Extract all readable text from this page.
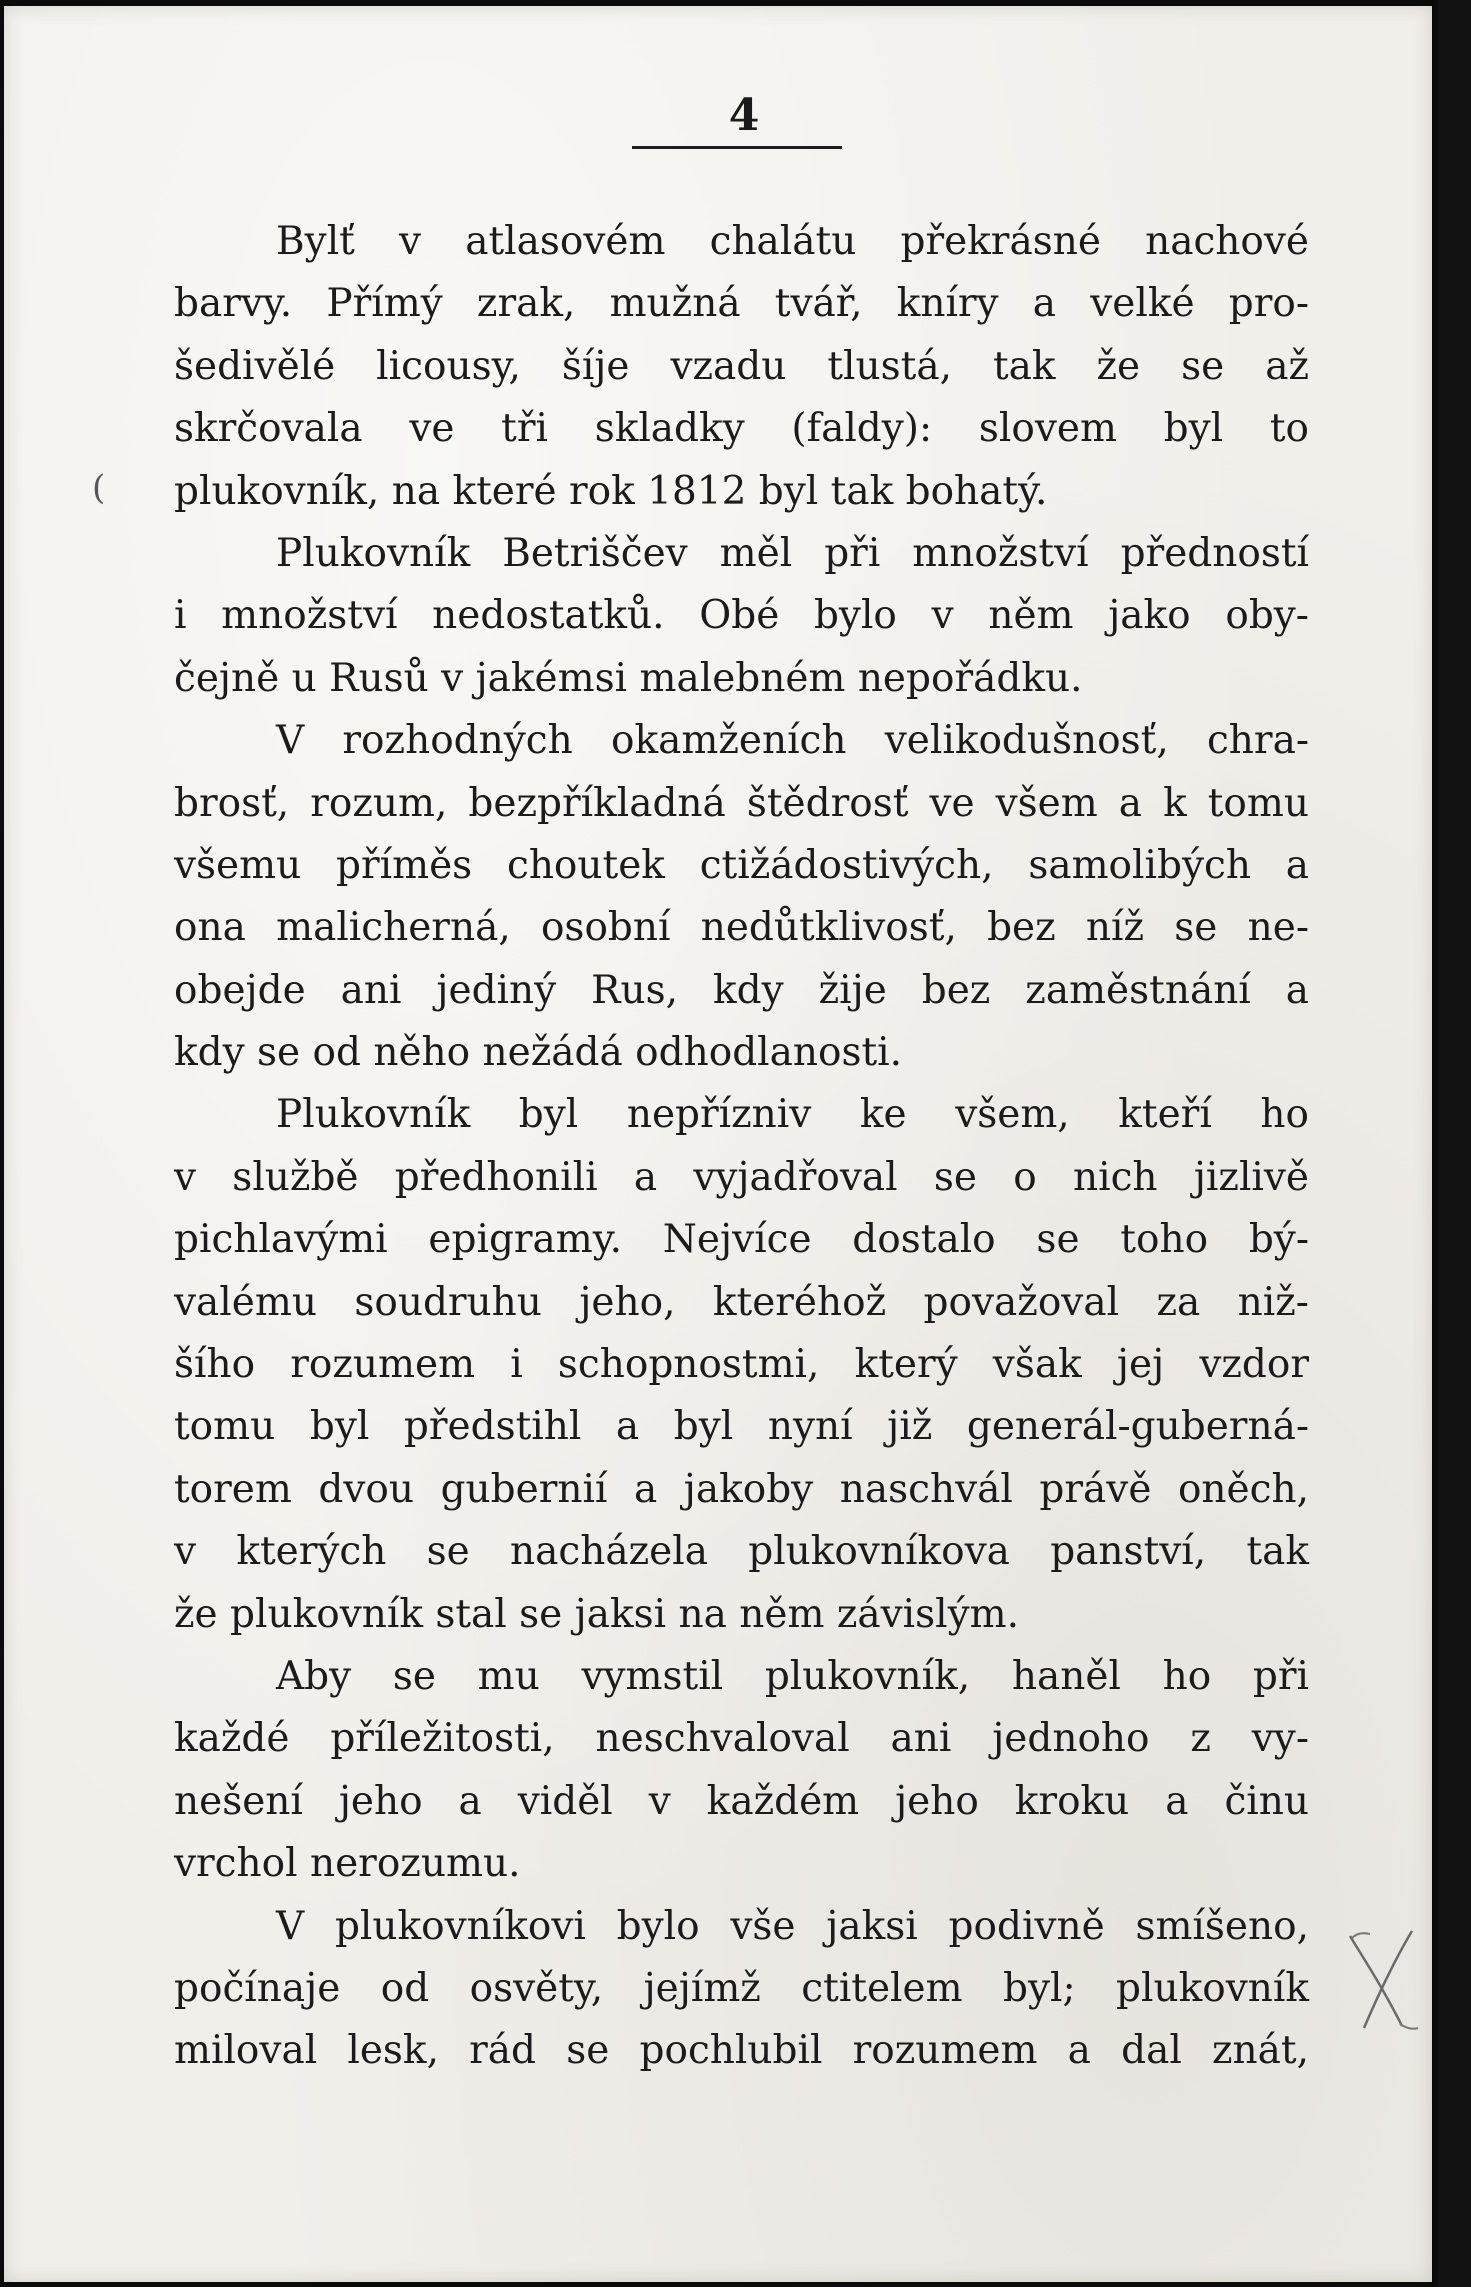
4
(
Bylť v atlasovém chalátu překrásné nachové
barvy. Přímý zrak, mužná tvář, kníry a velké pro-
šedivělé licousy, šíje vzadu tlustá, tak že se až
skrčovala ve tři skladky (faldy): slovem byl to
plukovník, na které rok 1812 byl tak bohatý.
Plukovník Betriščev měl při množství předností
i množství nedostatků. Obé bylo v něm jako oby-
čejně u Rusů v jakémsi malebném nepořádku.
V rozhodných okamženích velikodušnosť, chra-
brosť, rozum, bezpříkladná štědrosť ve všem a k tomu
všemu příměs choutek ctižádostivých, samolibých a
ona malicherná, osobní nedůtklivosť, bez níž se ne-
obejde ani jediný Rus, kdy žije bez zaměstnání a
kdy se od něho nežádá odhodlanosti.
Plukovník byl nepřízniv ke všem, kteří ho
v službě předhonili a vyjadřoval se o nich jizlivě
pichlavými epigramy. Nejvíce dostalo se toho bý-
valému soudruhu jeho, kteréhož považoval za niž-
šího rozumem i schopnostmi, který však jej vzdor
tomu byl předstihl a byl nyní již generál-guberná-
torem dvou gubernií a jakoby naschvál právě oněch,
v kterých se nacházela plukovníkova panství, tak
že plukovník stal se jaksi na něm závislým.
Aby se mu vymstil plukovník, haněl ho při
každé příležitosti, neschvaloval ani jednoho z vy-
nešení jeho a viděl v každém jeho kroku a činu
vrchol nerozumu.
V plukovníkovi bylo vše jaksi podivně smíšeno,
počínaje od osvěty, jejímž ctitelem byl; plukovník
miloval lesk, rád se pochlubil rozumem a dal znát,
